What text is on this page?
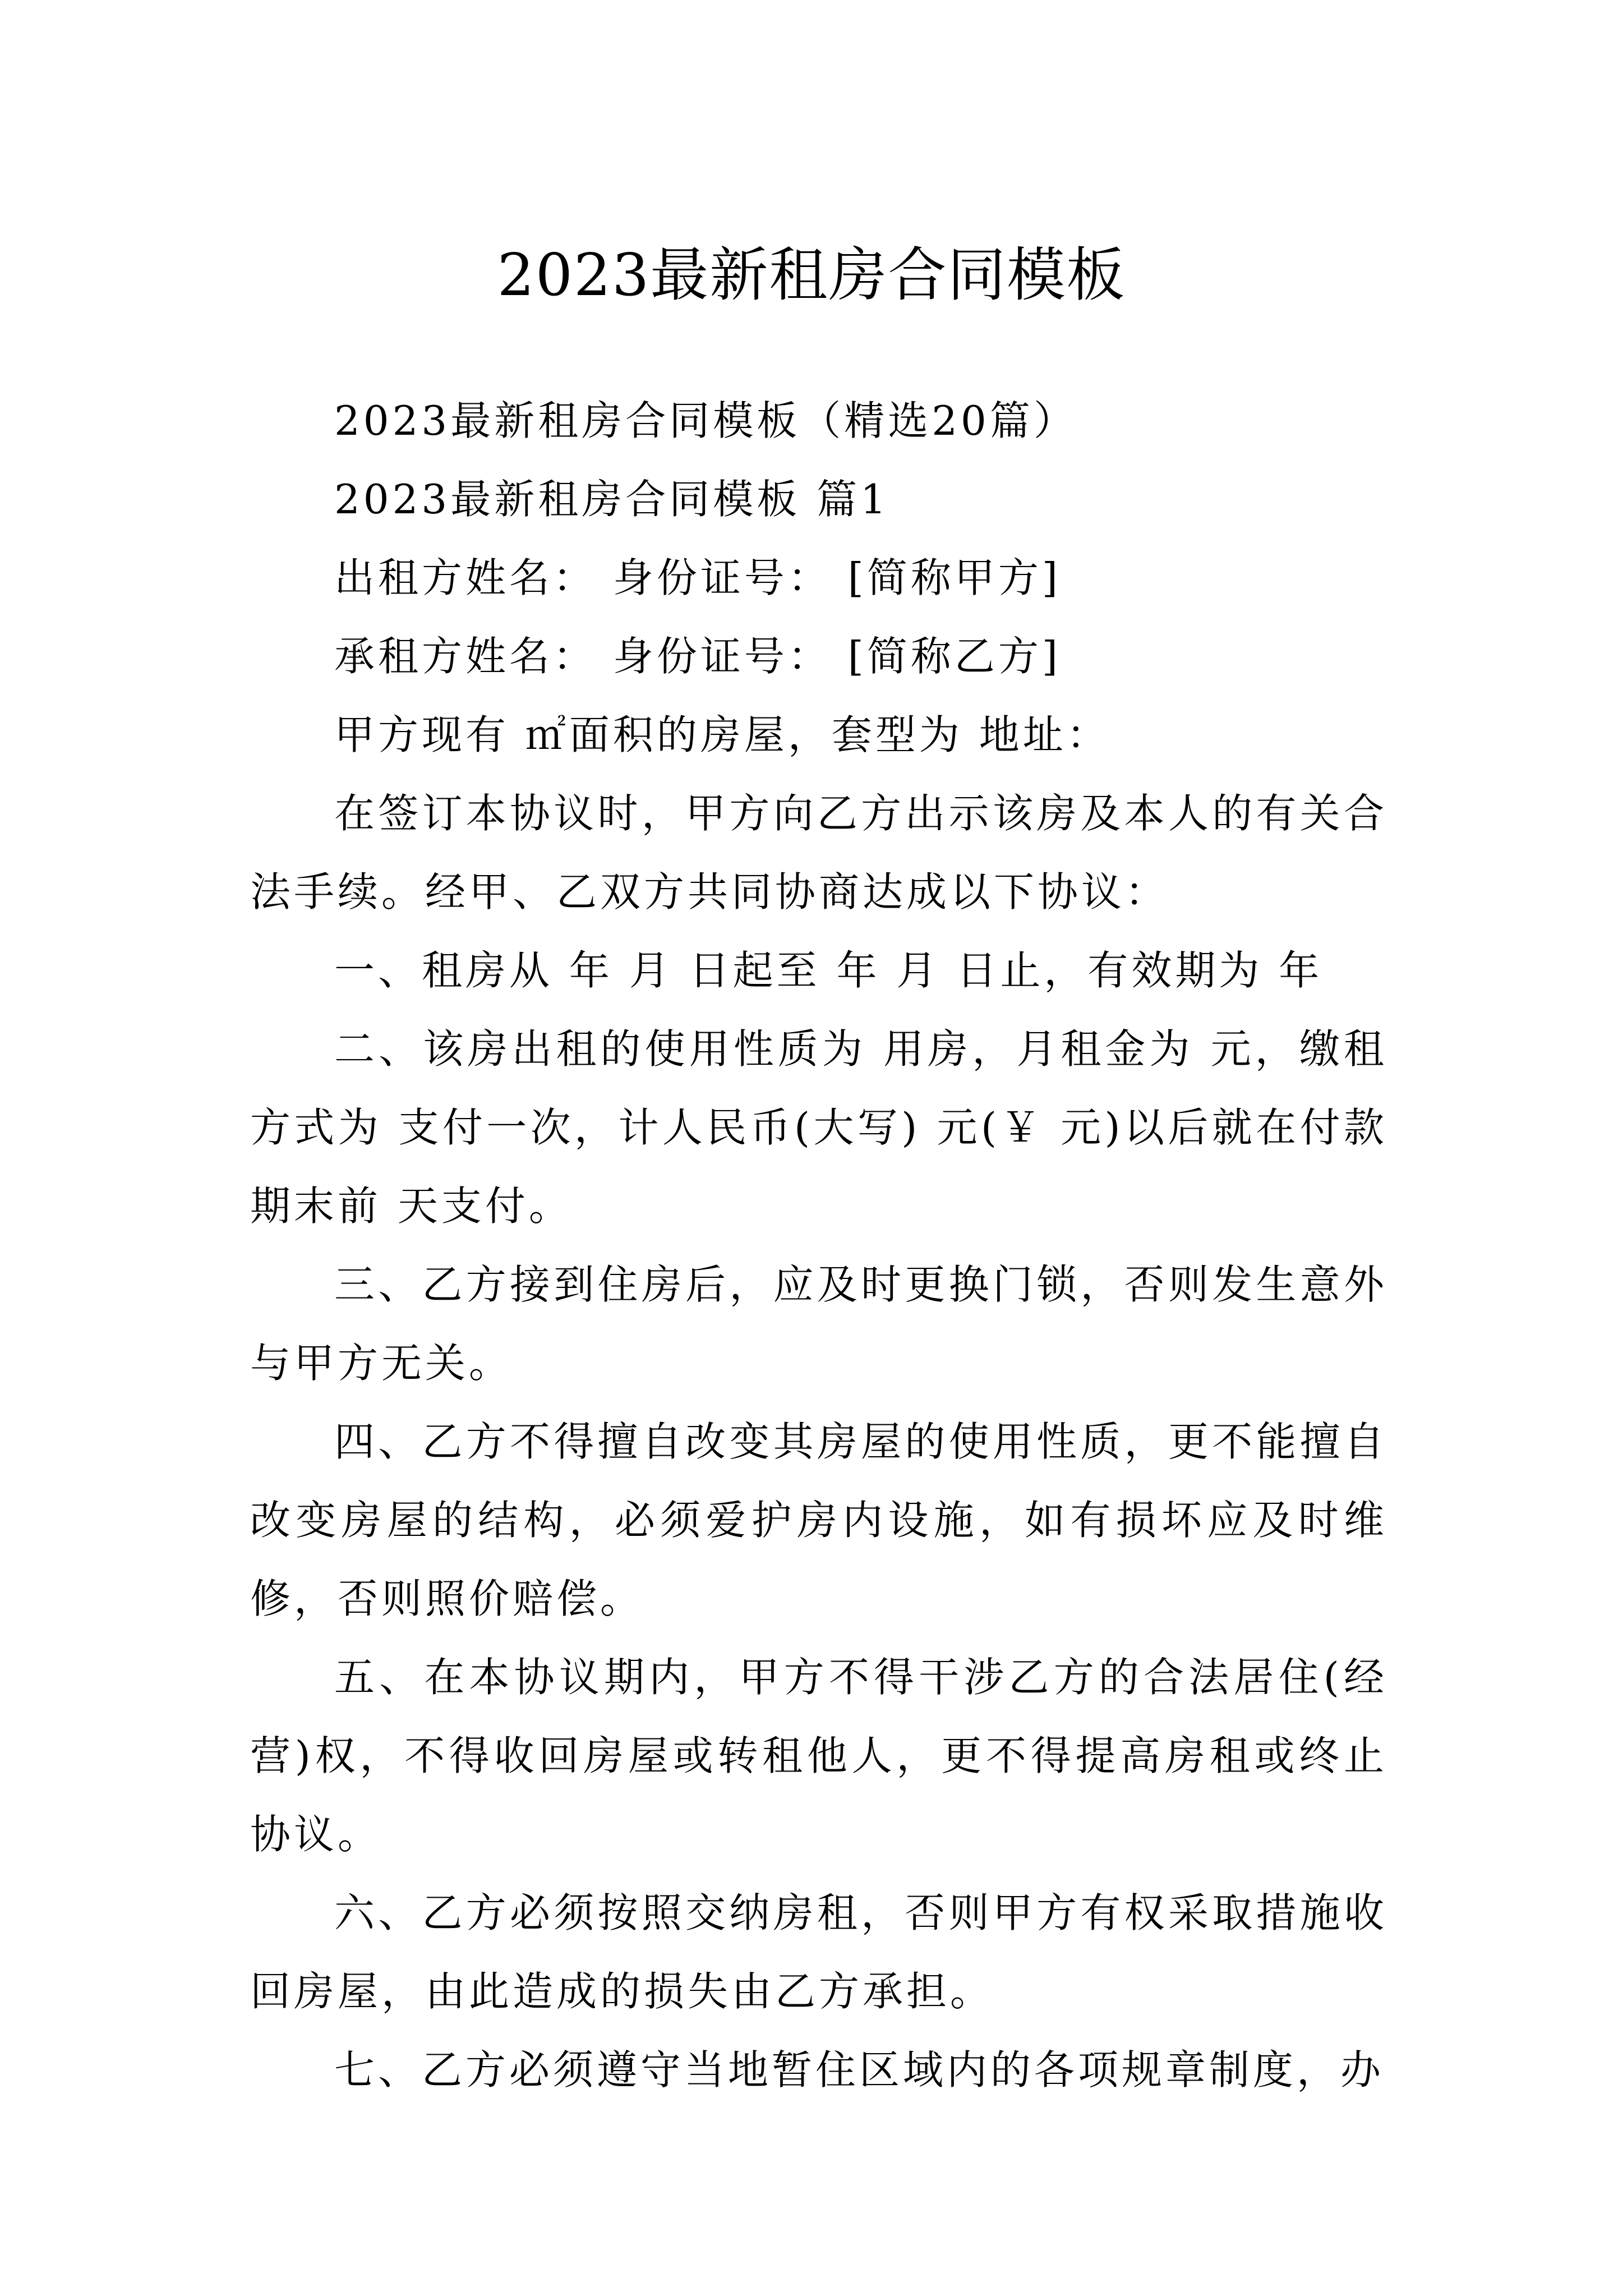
2023最新租房合同模板

2023最新租房合同模板（精选20篇）

2023最新租房合同模板 篇1

出租方姓名： 身份证号： [简称甲方]

承租方姓名： 身份证号： [简称乙方]

甲方现有 ㎡面积的房屋，套型为 地址：

在签订本协议时，甲方向乙方出示该房及本人的有关合法手续。经甲、乙双方共同协商达成以下协议：

一、租房从 年 月 日起至 年 月 日止，有效期为 年

二、该房出租的使用性质为 用房，月租金为 元，缴租方式为 支付一次，计人民币(大写) 元(￥ 元)以后就在付款期末前 天支付。

三、乙方接到住房后，应及时更换门锁，否则发生意外与甲方无关。

四、乙方不得擅自改变其房屋的使用性质，更不能擅自改变房屋的结构，必须爱护房内设施，如有损坏应及时维修，否则照价赔偿。

五、在本协议期内，甲方不得干涉乙方的合法居住(经营)权，不得收回房屋或转租他人，更不得提高房租或终止协议。

六、乙方必须按照交纳房租，否则甲方有权采取措施收回房屋，由此造成的损失由乙方承担。

七、乙方必须遵守当地暂住区域内的各项规章制度，办
